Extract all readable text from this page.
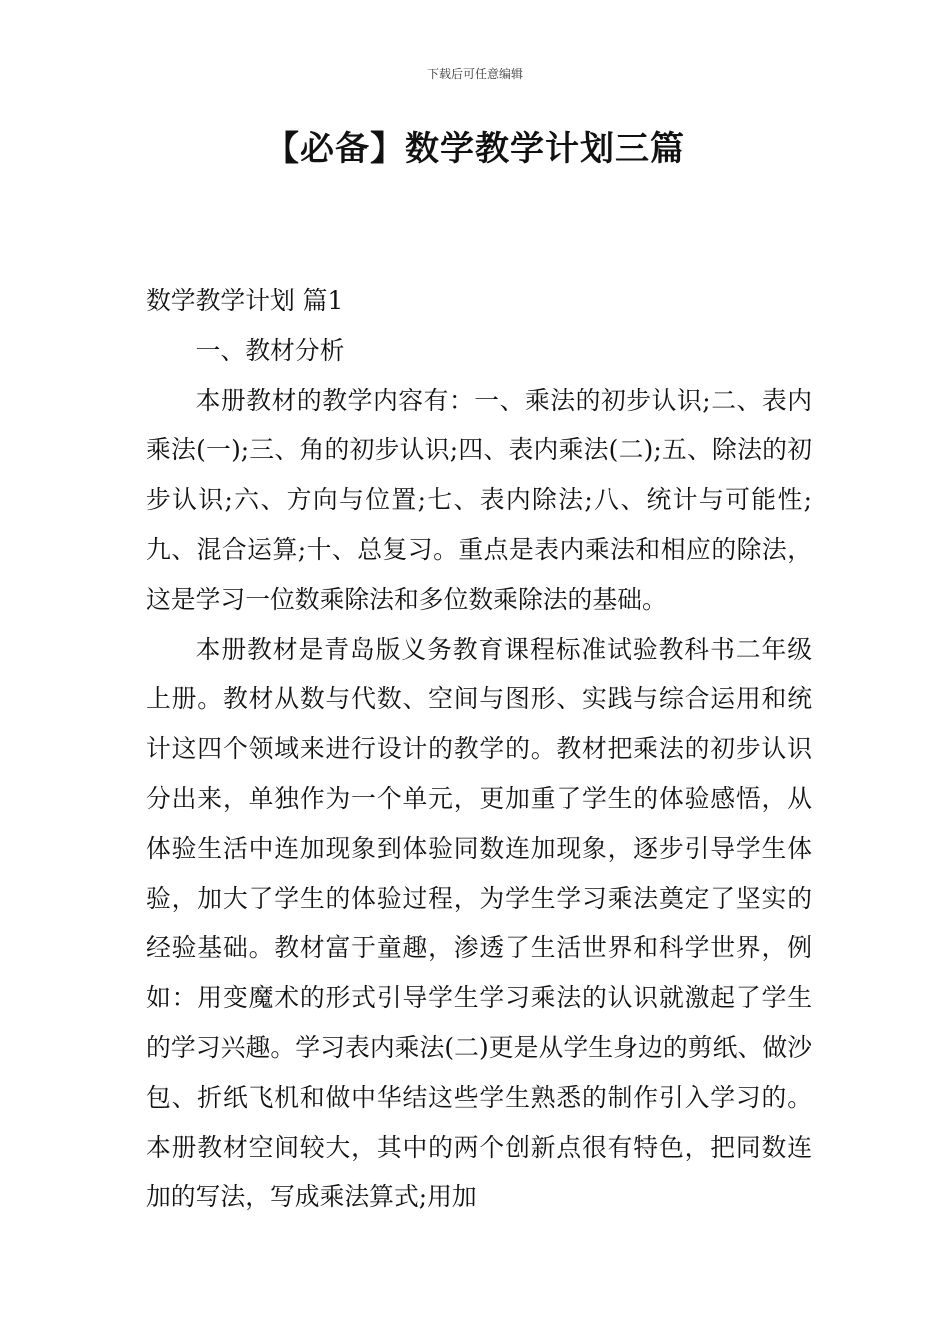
下载后可任意编辑
【必备】数学教学计划三篇

数学教学计划 篇1

一、教材分析

本册教材的教学内容有：一、乘法的初步认识;二、表内乘法(一);三、角的初步认识;四、表内乘法(二);五、除法的初步认识;六、方向与位置;七、表内除法;八、统计与可能性;九、混合运算;十、总复习。重点是表内乘法和相应的除法，这是学习一位数乘除法和多位数乘除法的基础。

本册教材是青岛版义务教育课程标准试验教科书二年级上册。教材从数与代数、空间与图形、实践与综合运用和统计这四个领域来进行设计的教学的。教材把乘法的初步认识分出来，单独作为一个单元，更加重了学生的体验感悟，从体验生活中连加现象到体验同数连加现象，逐步引导学生体验，加大了学生的体验过程，为学生学习乘法奠定了坚实的经验基础。教材富于童趣，渗透了生活世界和科学世界，例如：用变魔术的形式引导学生学习乘法的认识就激起了学生的学习兴趣。学习表内乘法(二)更是从学生身边的剪纸、做沙包、折纸飞机和做中华结这些学生熟悉的制作引入学习的。本册教材空间较大，其中的两个创新点很有特色，把同数连加的写法，写成乘法算式;用加
